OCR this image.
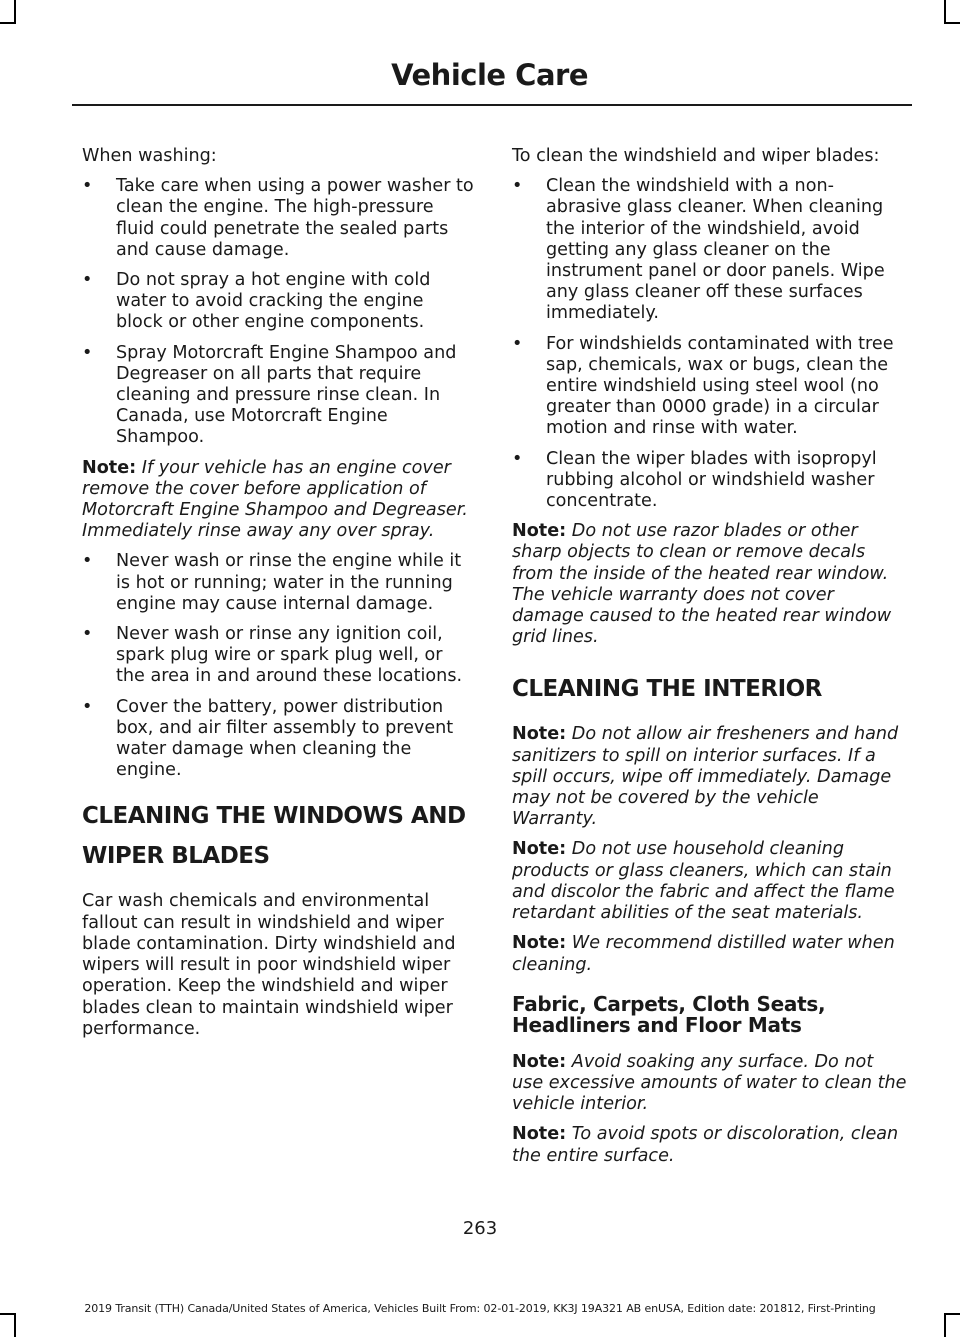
Vehicle Care

When washing:

• Take care when using a power washer to clean the engine. The high-pressure fluid could penetrate the sealed parts and cause damage.
• Do not spray a hot engine with cold water to avoid cracking the engine block or other engine components.
• Spray Motorcraft Engine Shampoo and Degreaser on all parts that require cleaning and pressure rinse clean. In Canada, use Motorcraft Engine Shampoo.

Note: If your vehicle has an engine cover remove the cover before application of Motorcraft Engine Shampoo and Degreaser. Immediately rinse away any over spray.

• Never wash or rinse the engine while it is hot or running; water in the running engine may cause internal damage.
• Never wash or rinse any ignition coil, spark plug wire or spark plug well, or the area in and around these locations.
• Cover the battery, power distribution box, and air filter assembly to prevent water damage when cleaning the engine.
CLEANING THE WINDOWS AND
WIPER BLADES

Car wash chemicals and environmental fallout can result in windshield and wiper blade contamination. Dirty windshield and wipers will result in poor windshield wiper operation. Keep the windshield and wiper blades clean to maintain windshield wiper performance.

To clean the windshield and wiper blades:

• Clean the windshield with a non-abrasive glass cleaner. When cleaning the interior of the windshield, avoid getting any glass cleaner on the instrument panel or door panels. Wipe any glass cleaner off these surfaces immediately.
• For windshields contaminated with tree sap, chemicals, wax or bugs, clean the entire windshield using steel wool (no greater than 0000 grade) in a circular motion and rinse with water.
• Clean the wiper blades with isopropyl rubbing alcohol or windshield washer concentrate.

Note: Do not use razor blades or other sharp objects to clean or remove decals from the inside of the heated rear window. The vehicle warranty does not cover damage caused to the heated rear window grid lines.

CLEANING THE INTERIOR

Note: Do not allow air fresheners and hand sanitizers to spill on interior surfaces. If a spill occurs, wipe off immediately. Damage may not be covered by the vehicle Warranty.

Note: Do not use household cleaning products or glass cleaners, which can stain and discolor the fabric and affect the flame retardant abilities of the seat materials.

Note: We recommend distilled water when cleaning.

Fabric, Carpets, Cloth Seats,
Headliners and Floor Mats

Note: Avoid soaking any surface. Do not use excessive amounts of water to clean the vehicle interior.

Note: To avoid spots or discoloration, clean the entire surface.

263
2019 Transit (TTH) Canada/United States of America, Vehicles Built From: 02-01-2019, KK3J 19A321 AB enUSA, Edition date: 201812, First-Printing
